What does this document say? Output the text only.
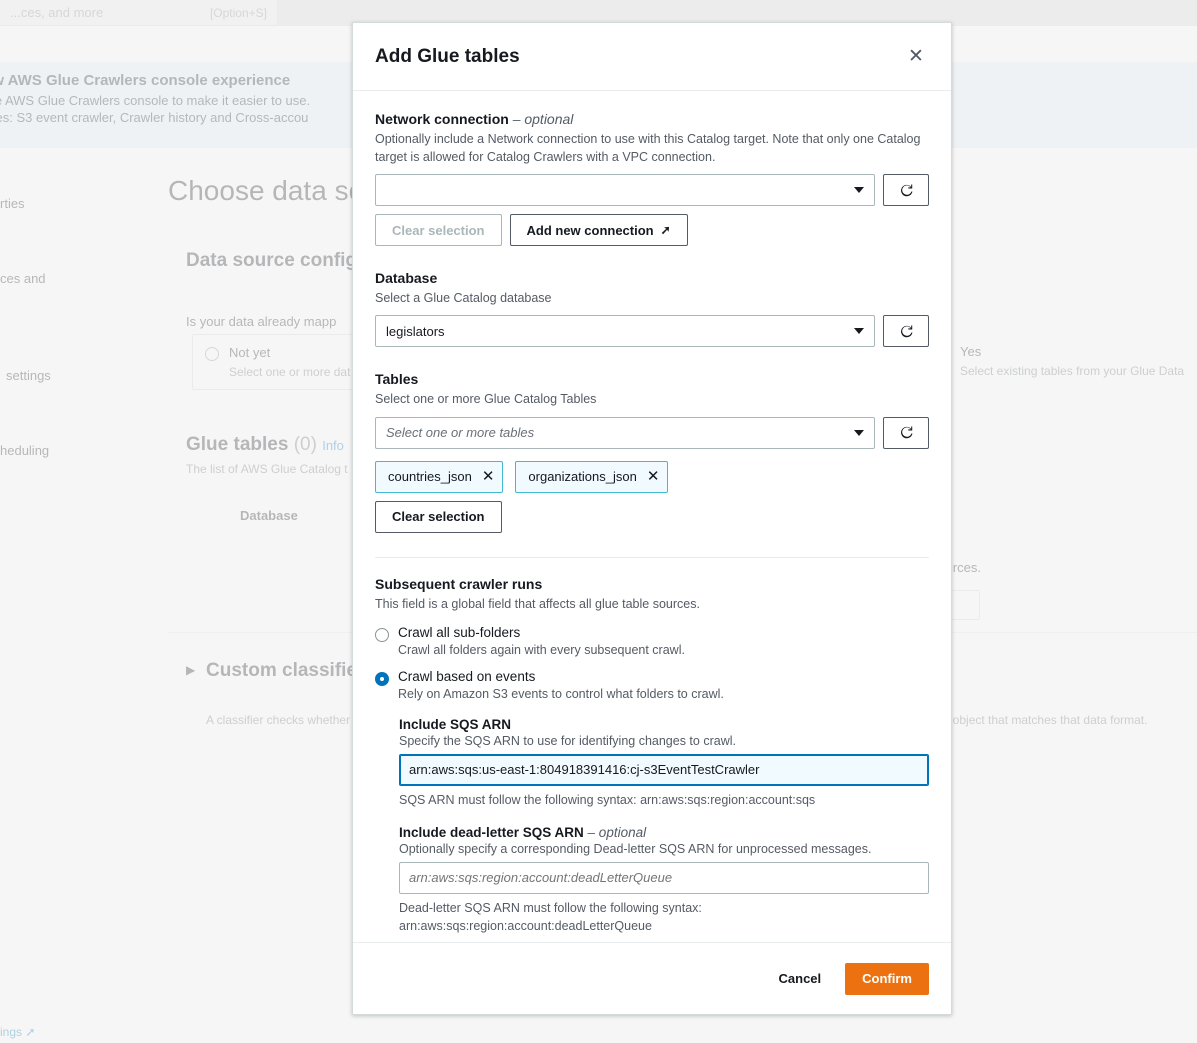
Add Glue tables	✕
Network connection – optional
Optionally include a Network connection to use with this Catalog target. Note that only one Catalog target is allowed for Catalog Crawlers with a VPC connection.
Clear selection	Add new connection ➚
Database
Select a Glue Catalog database
legislators
Tables
Select one or more Glue Catalog Tables
Select one or more tables
countries_json ✕	organizations_json ✕
Clear selection
Subsequent crawler runs
This field is a global field that affects all glue table sources.
Crawl all sub-folders
Crawl all folders again with every subsequent crawl.
Crawl based on events
Rely on Amazon S3 events to control what folders to crawl.
Include SQS ARN
Specify the SQS ARN to use for identifying changes to crawl.
arn:aws:sqs:us-east-1:804918391416:cj-s3EventTestCrawler
SQS ARN must follow the following syntax: arn:aws:sqs:region:account:sqs
Include dead-letter SQS ARN – optional
Optionally specify a corresponding Dead-letter SQS ARN for unprocessed messages.
arn:aws:sqs:region:account:deadLetterQueue
Dead-letter SQS ARN must follow the following syntax:
arn:aws:sqs:region:account:deadLetterQueue
Cancel	Confirm
